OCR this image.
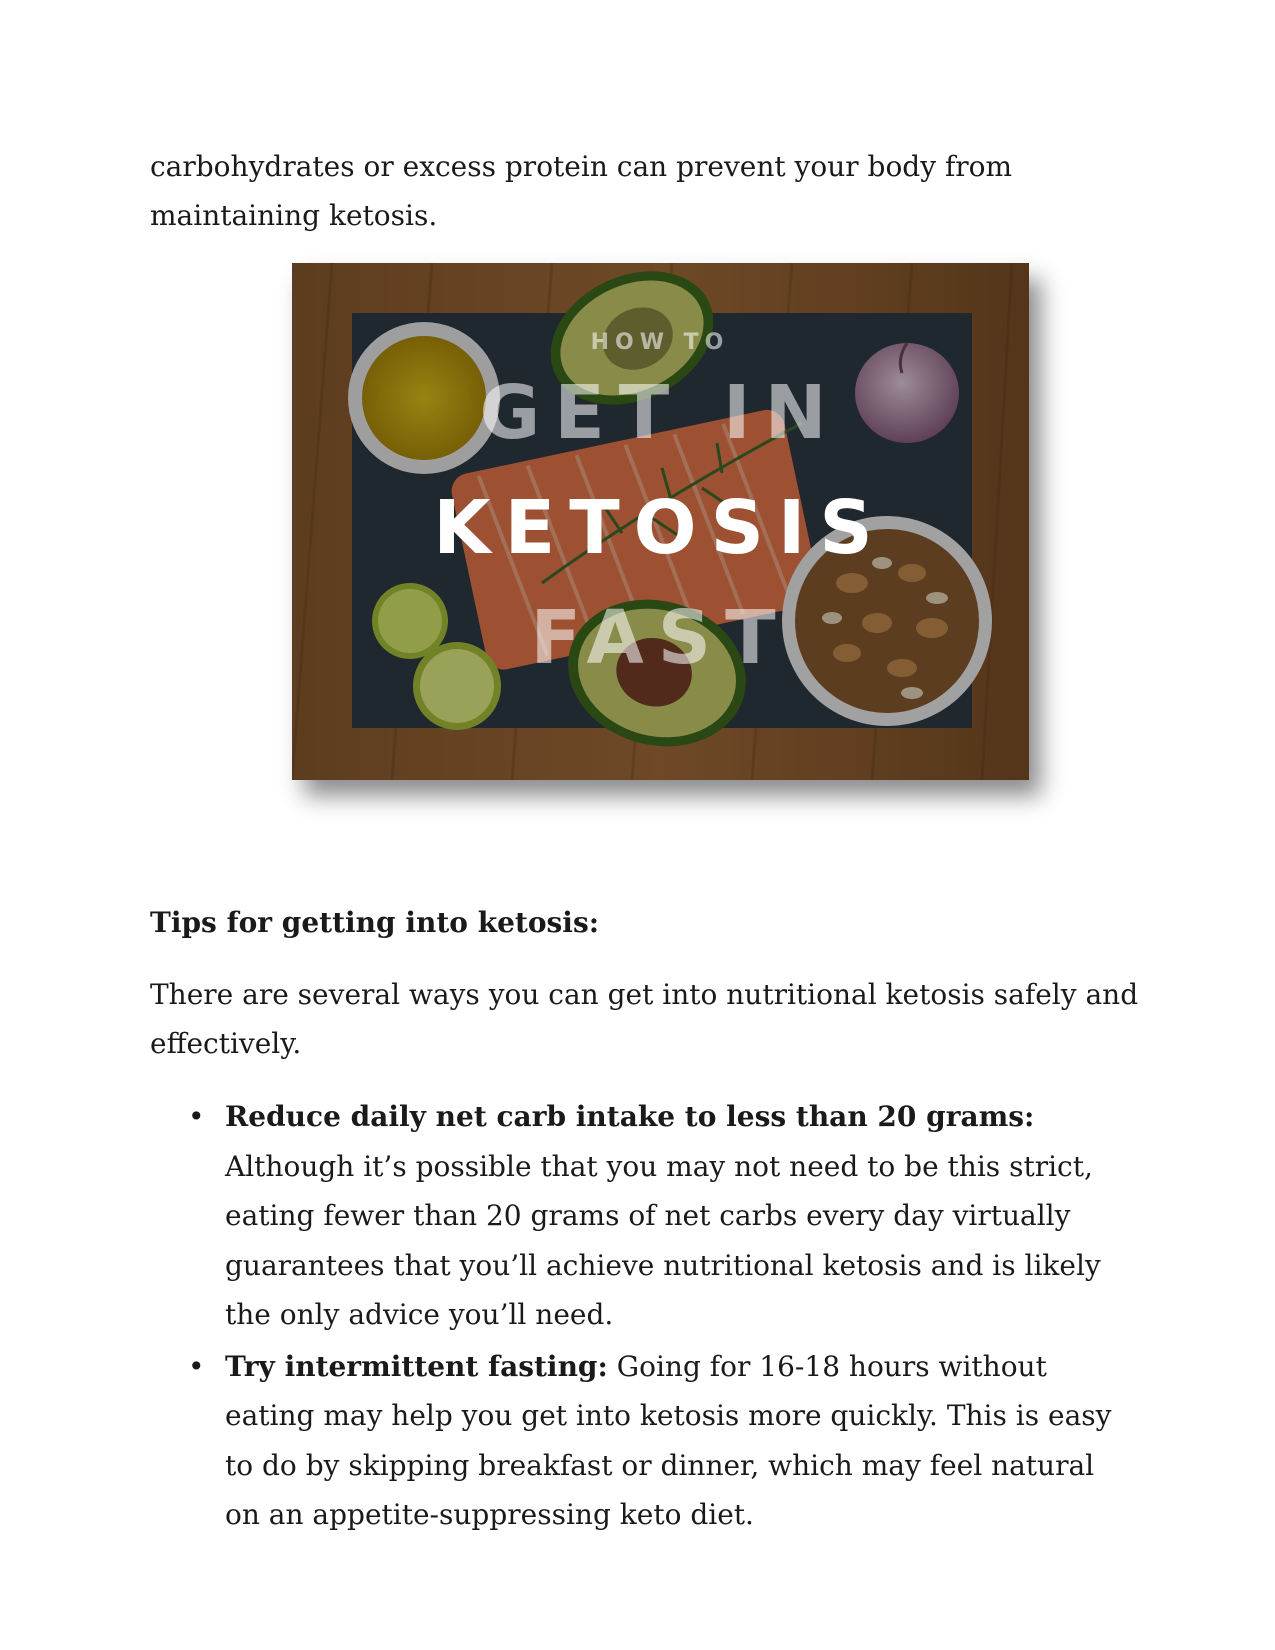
carbohydrates or excess protein can prevent your body from maintaining ketosis.

HOW TO
GET IN
KETOSIS
FAST
Tips for getting into ketosis:

There are several ways you can get into nutritional ketosis safely and effectively.

• Reduce daily net carb intake to less than 20 grams: Although it’s possible that you may not need to be this strict, eating fewer than 20 grams of net carbs every day virtually guarantees that you’ll achieve nutritional ketosis and is likely the only advice you’ll need.
• Try intermittent fasting: Going for 16-18 hours without eating may help you get into ketosis more quickly. This is easy to do by skipping breakfast or dinner, which may feel natural on an appetite-suppressing keto diet.
